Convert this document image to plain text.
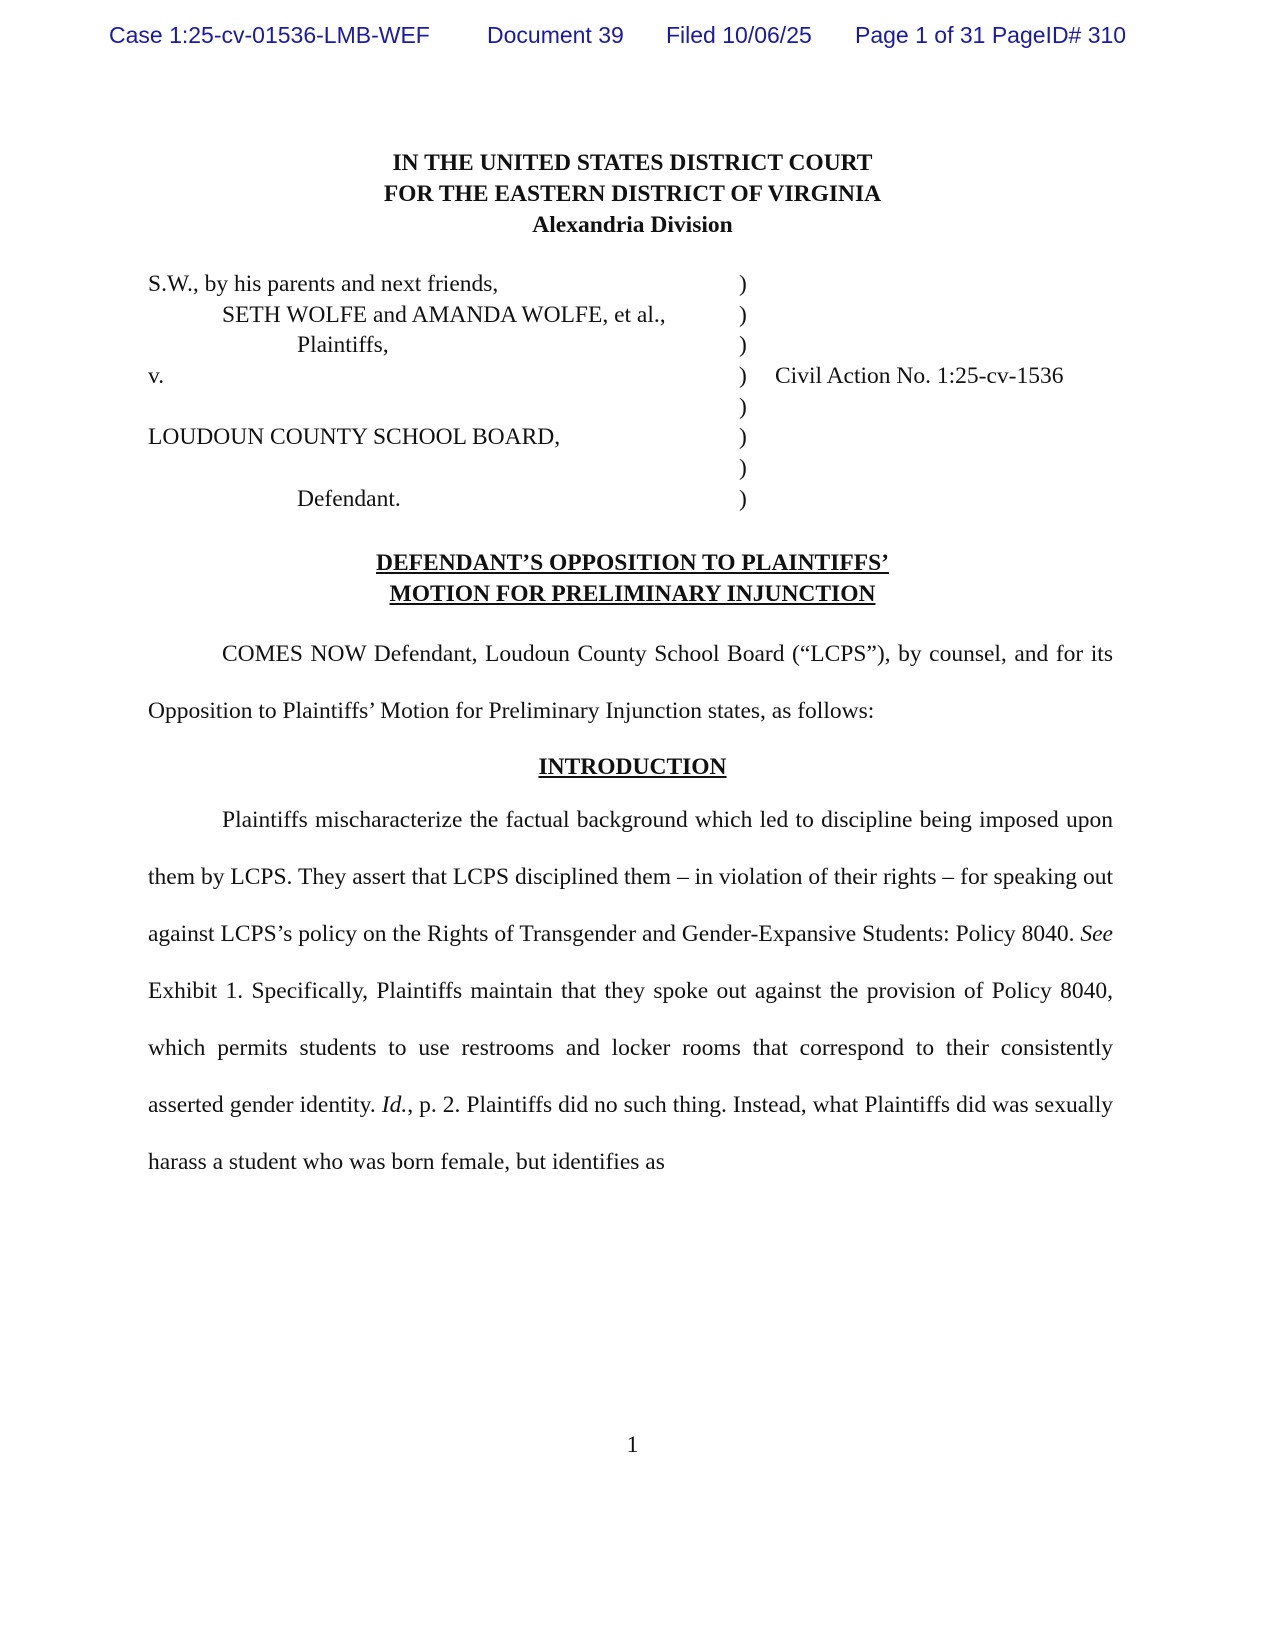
Case 1:25-cv-01536-LMB-WEF Document 39 Filed 10/06/25 Page 1 of 31 PageID# 310
IN THE UNITED STATES DISTRICT COURT
FOR THE EASTERN DISTRICT OF VIRGINIA
Alexandria Division
S.W., by his parents and next friends,	)
SETH WOLFE and AMANDA WOLFE, et al.,	)
Plaintiffs,	)
v.	) Civil Action No. 1:25-cv-1536
)
LOUDOUN COUNTY SCHOOL BOARD,	)
)
Defendant.	)
DEFENDANT’S OPPOSITION TO PLAINTIFFS’
MOTION FOR PRELIMINARY INJUNCTION
COMES NOW Defendant, Loudoun County School Board (“LCPS”), by counsel, and for its Opposition to Plaintiffs’ Motion for Preliminary Injunction states, as follows:
INTRODUCTION
Plaintiffs mischaracterize the factual background which led to discipline being imposed upon them by LCPS. They assert that LCPS disciplined them – in violation of their rights – for speaking out against LCPS’s policy on the Rights of Transgender and Gender-Expansive Students: Policy 8040. See Exhibit 1. Specifically, Plaintiffs maintain that they spoke out against the provision of Policy 8040, which permits students to use restrooms and locker rooms that correspond to their consistently asserted gender identity. Id., p. 2. Plaintiffs did no such thing. Instead, what Plaintiffs did was sexually harass a student who was born female, but identifies as
1
